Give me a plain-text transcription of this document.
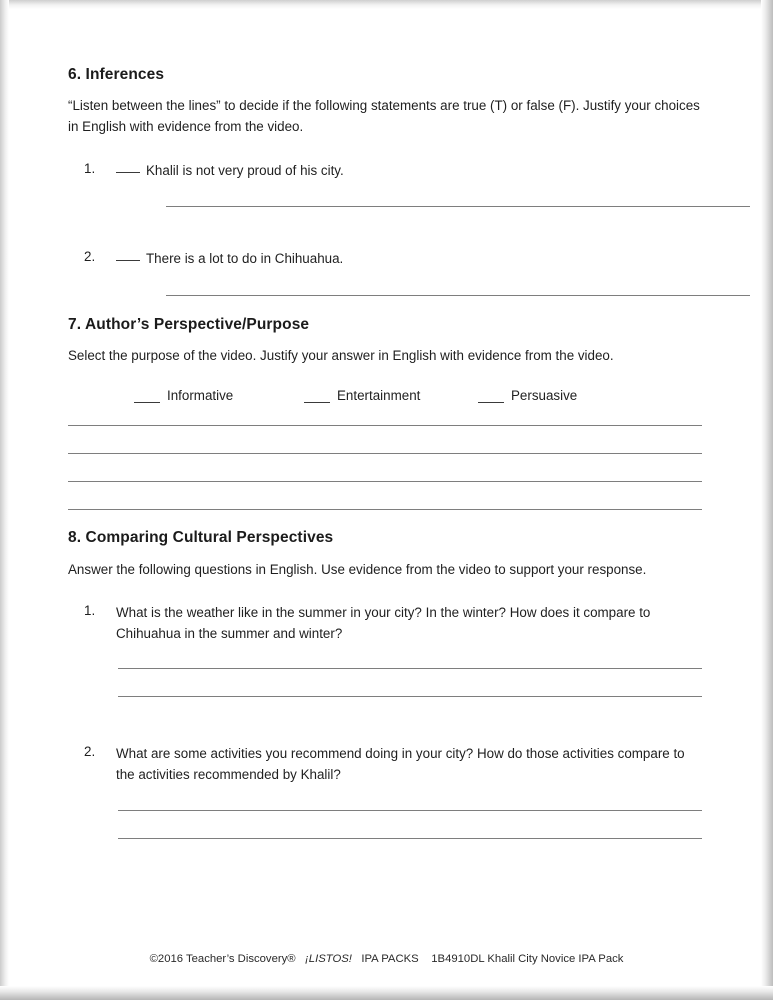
6. Inferences

“Listen between the lines” to decide if the following statements are true (T) or false (F). Justify your choices in English with evidence from the video.

1.	Khalil is not very proud of his city.
2.	There is a lot to do in Chihuahua.
7. Author’s Perspective/Purpose

Select the purpose of the video. Justify your answer in English with evidence from the video.

Informative	Entertainment	Persuasive
8. Comparing Cultural Perspectives

Answer the following questions in English. Use evidence from the video to support your response.

1. What is the weather like in the summer in your city? In the winter? How does it compare to Chihuahua in the summer and winter?
2. What are some activities you recommend doing in your city? How do those activities compare to the activities recommended by Khalil?
©2016 Teacher’s Discovery® ¡LISTOS! IPA PACKS 1B4910DL Khalil City Novice IPA Pack
